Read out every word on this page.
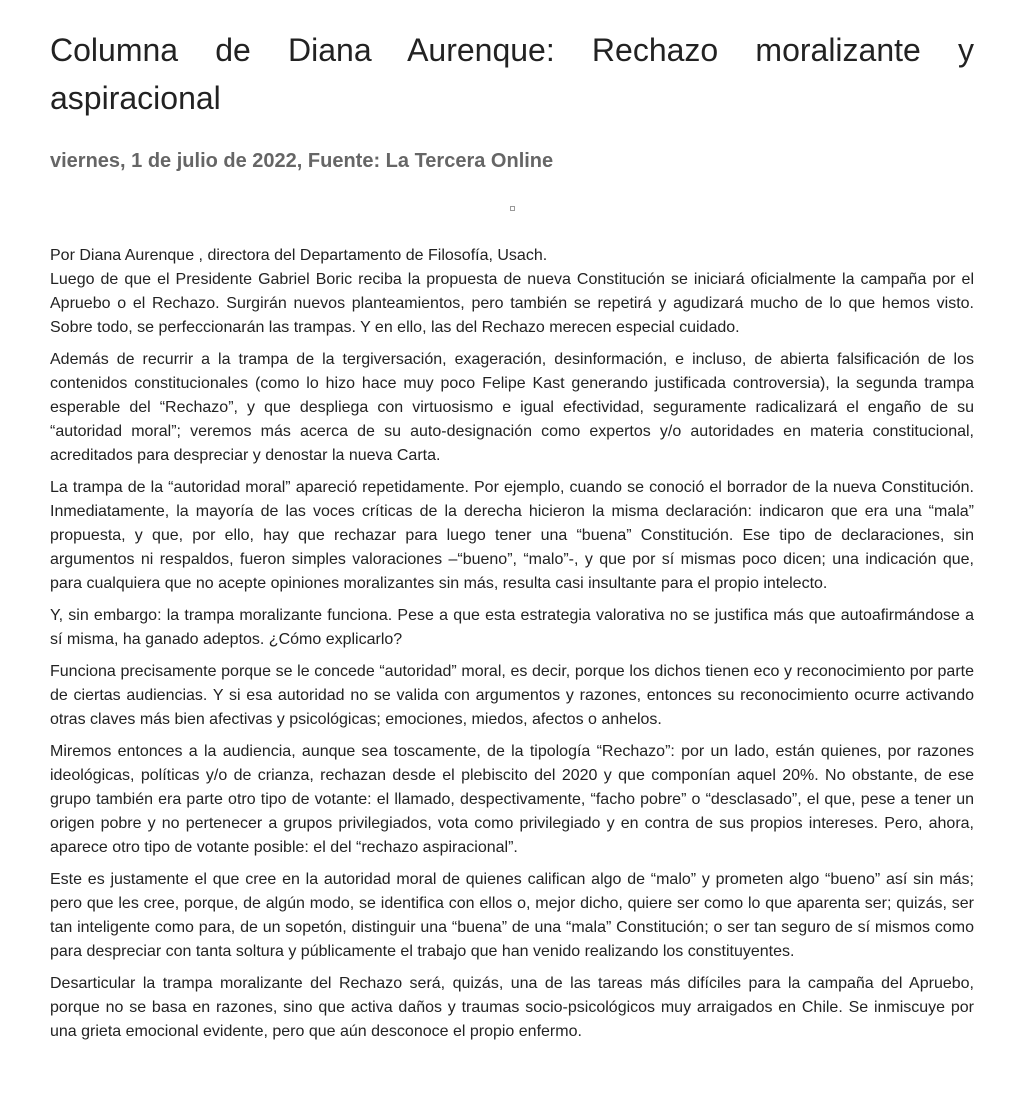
Columna de Diana Aurenque: Rechazo moralizante y aspiracional
viernes, 1 de julio de 2022, Fuente: La Tercera Online
Por Diana Aurenque , directora del Departamento de Filosofía, Usach.

Luego de que el Presidente Gabriel Boric reciba la propuesta de nueva Constitución se iniciará oficialmente la campaña por el Apruebo o el Rechazo. Surgirán nuevos planteamientos, pero también se repetirá y agudizará mucho de lo que hemos visto. Sobre todo, se perfeccionarán las trampas. Y en ello, las del Rechazo merecen especial cuidado.

Además de recurrir a la trampa de la tergiversación, exageración, desinformación, e incluso, de abierta falsificación de los contenidos constitucionales (como lo hizo hace muy poco Felipe Kast generando justificada controversia), la segunda trampa esperable del “Rechazo”, y que despliega con virtuosismo e igual efectividad, seguramente radicalizará el engaño de su “autoridad moral”; veremos más acerca de su auto-designación como expertos y/o autoridades en materia constitucional, acreditados para despreciar y denostar la nueva Carta.

La trampa de la “autoridad moral” apareció repetidamente. Por ejemplo, cuando se conoció el borrador de la nueva Constitución. Inmediatamente, la mayoría de las voces críticas de la derecha hicieron la misma declaración: indicaron que era una “mala” propuesta, y que, por ello, hay que rechazar para luego tener una “buena” Constitución. Ese tipo de declaraciones, sin argumentos ni respaldos, fueron simples valoraciones –“bueno”, “malo”-, y que por sí mismas poco dicen; una indicación que, para cualquiera que no acepte opiniones moralizantes sin más, resulta casi insultante para el propio intelecto.

Y, sin embargo: la trampa moralizante funciona. Pese a que esta estrategia valorativa no se justifica más que autoafirmándose a sí misma, ha ganado adeptos. ¿Cómo explicarlo?

Funciona precisamente porque se le concede “autoridad” moral, es decir, porque los dichos tienen eco y reconocimiento por parte de ciertas audiencias. Y si esa autoridad no se valida con argumentos y razones, entonces su reconocimiento ocurre activando otras claves más bien afectivas y psicológicas; emociones, miedos, afectos o anhelos.

Miremos entonces a la audiencia, aunque sea toscamente, de la tipología “Rechazo”: por un lado, están quienes, por razones ideológicas, políticas y/o de crianza, rechazan desde el plebiscito del 2020 y que componían aquel 20%. No obstante, de ese grupo también era parte otro tipo de votante: el llamado, despectivamente, “facho pobre” o “desclasado”, el que, pese a tener un origen pobre y no pertenecer a grupos privilegiados, vota como privilegiado y en contra de sus propios intereses. Pero, ahora, aparece otro tipo de votante posible: el del “rechazo aspiracional”.

Este es justamente el que cree en la autoridad moral de quienes califican algo de “malo” y prometen algo “bueno” así sin más; pero que les cree, porque, de algún modo, se identifica con ellos o, mejor dicho, quiere ser como lo que aparenta ser; quizás, ser tan inteligente como para, de un sopetón, distinguir una “buena” de una “mala” Constitución; o ser tan seguro de sí mismos como para despreciar con tanta soltura y públicamente el trabajo que han venido realizando los constituyentes.

Desarticular la trampa moralizante del Rechazo será, quizás, una de las tareas más difíciles para la campaña del Apruebo, porque no se basa en razones, sino que activa daños y traumas socio-psicológicos muy arraigados en Chile. Se inmiscuye por una grieta emocional evidente, pero que aún desconoce el propio enfermo.
